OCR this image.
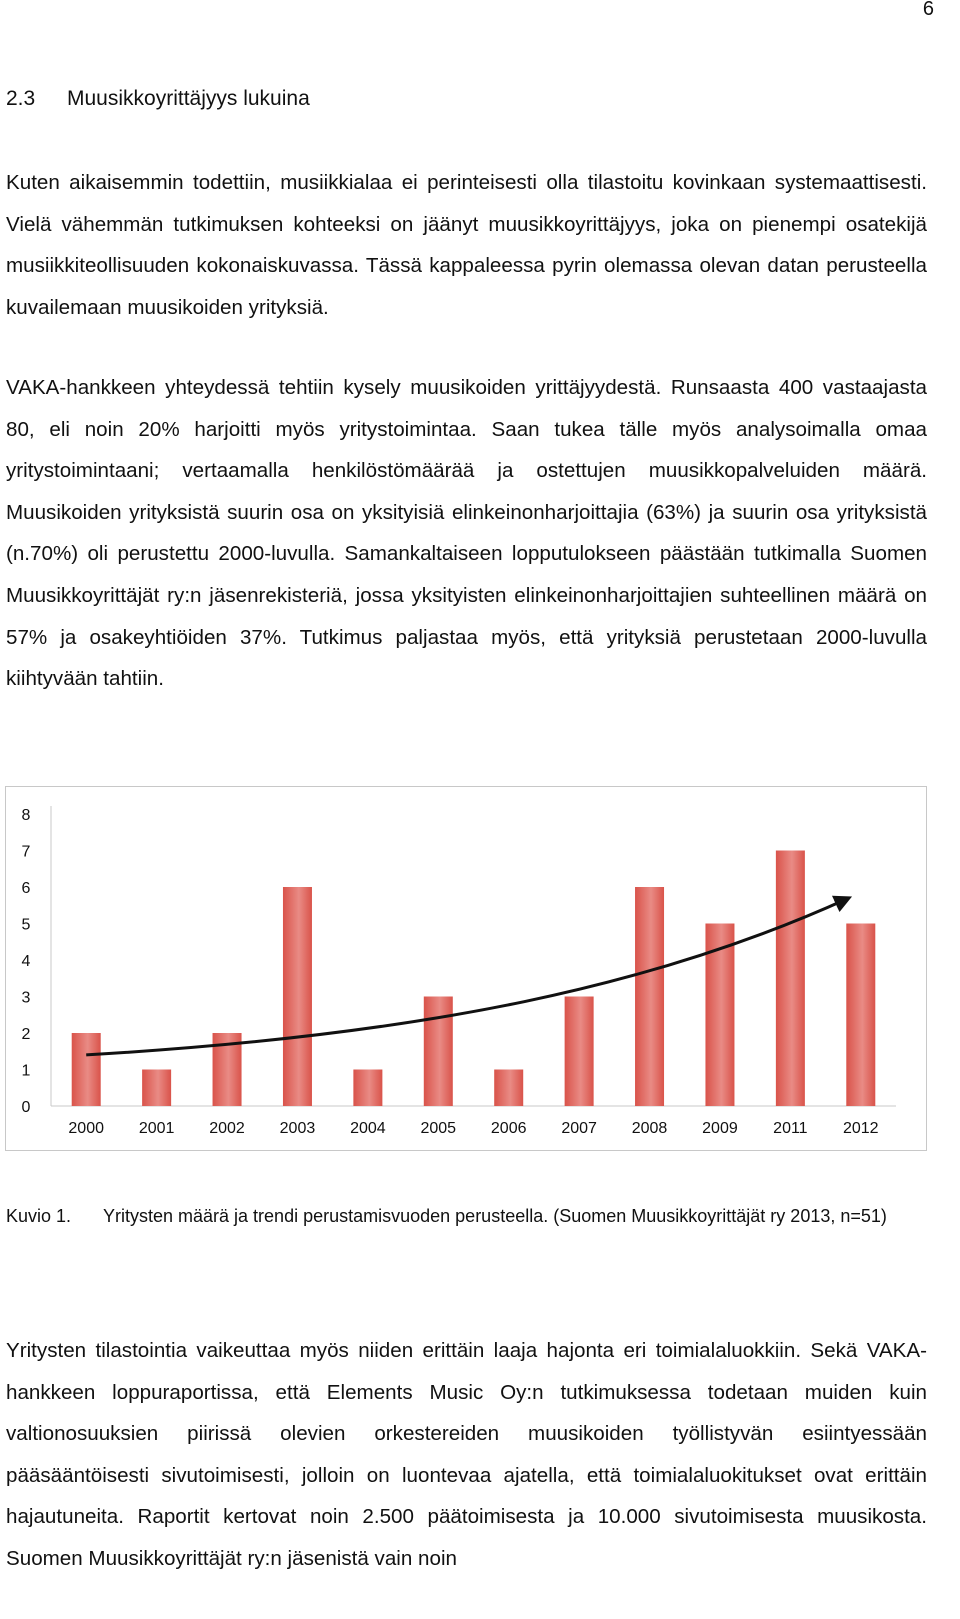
6
2.3 Muusikkoyrittäjyys lukuina

Kuten aikaisemmin todettiin, musiikkialaa ei perinteisesti olla tilastoitu kovinkaan systemaattisesti. Vielä vähemmän tutkimuksen kohteeksi on jäänyt muusikkoyrittäjyys, joka on pienempi osatekijä musiikkiteollisuuden kokonaiskuvassa. Tässä kappaleessa pyrin olemassa olevan datan perusteella kuvailemaan muusikoiden yrityksiä.

VAKA-hankkeen yhteydessä tehtiin kysely muusikoiden yrittäjyydestä. Runsaasta 400 vastaajasta 80, eli noin 20% harjoitti myös yritystoimintaa. Saan tukea tälle myös analysoimalla omaa yritystoimintaani; vertaamalla henkilöstömäärää ja ostettujen muusikkopalveluiden määrä. Muusikoiden yrityksistä suurin osa on yksityisiä elinkeinonharjoittajia (63%) ja suurin osa yrityksistä (n.70%) oli perustettu 2000-luvulla. Samankaltaiseen lopputulokseen päästään tutkimalla Suomen Muusikkoyrittäjät ry:n jäsenrekisteriä, jossa yksityisten elinkeinonharjoittajien suhteellinen määrä on 57% ja osakeyhtiöiden 37%. Tutkimus paljastaa myös, että yrityksiä perustetaan 2000-luvulla kiihtyvään tahtiin.

0
1
2
3
4
5
6
7
8
2000 2001 2002 2003 2004 2005 2006 2007 2008 2009 2011 2012
Kuvio 1. Yritysten määrä ja trendi perustamisvuoden perusteella. (Suomen Muusikkoyrittäjät ry 2013, n=51)

Yritysten tilastointia vaikeuttaa myös niiden erittäin laaja hajonta eri toimialaluokkiin. Sekä VAKA-hankkeen loppuraportissa, että Elements Music Oy:n tutkimuksessa todetaan muiden kuin valtionosuuksien piirissä olevien orkestereiden muusikoiden työllistyvän esiintyessään pääsääntöisesti sivutoimisesti, jolloin on luontevaa ajatella, että toimialaluokitukset ovat erittäin hajautuneita. Raportit kertovat noin 2.500 päätoimisesta ja 10.000 sivutoimisesta muusikosta. Suomen Muusikkoyrittäjät ry:n jäsenistä vain noin
